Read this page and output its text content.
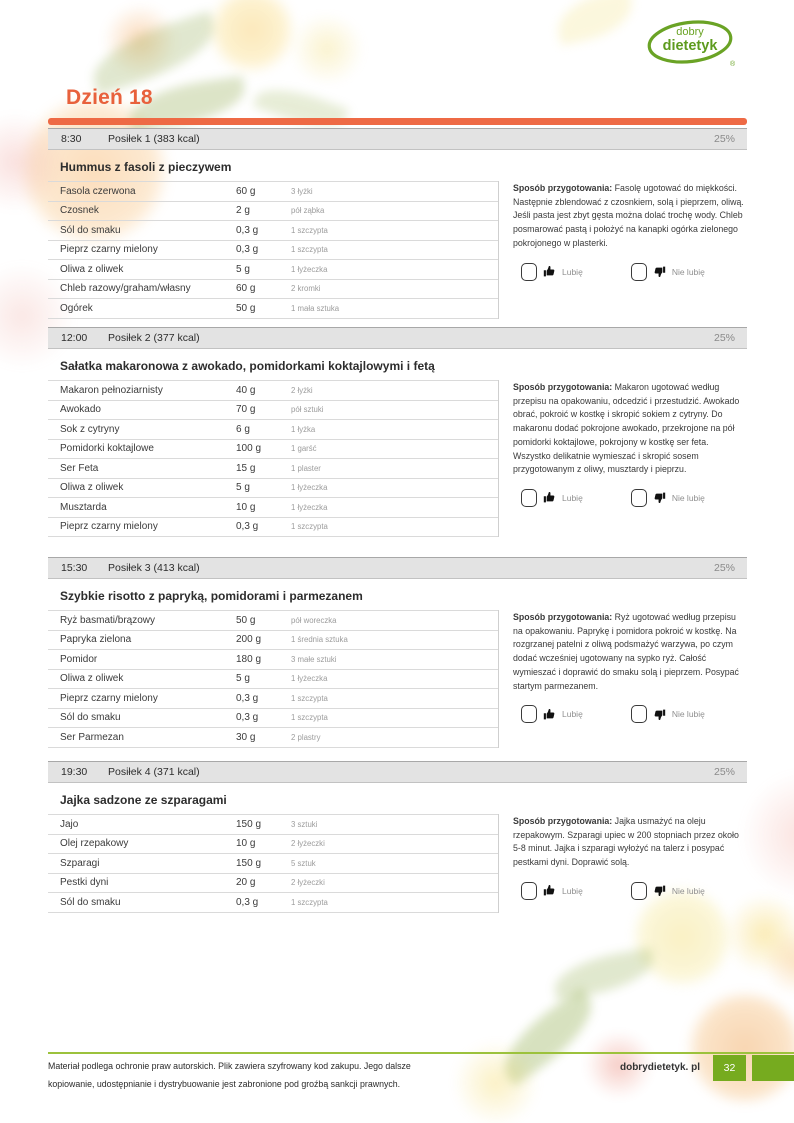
dobry
dietetyk
®
Dzień 18
8:30	Posiłek 1 (383 kcal)	25%
Hummus z fasoli z pieczywem
Fasola czerwona	60 g	3 łyżki
Czosnek	2 g	pół ząbka
Sól do smaku	0,3 g	1 szczypta
Pieprz czarny mielony	0,3 g	1 szczypta
Oliwa z oliwek	5 g	1 łyżeczka
Chleb razowy/graham/własny	60 g	2 kromki
Ogórek	50 g	1 mała sztuka

Sposób przygotowania: Fasolę ugotować do miękkości. Następnie zblendować z czosnkiem, solą i pieprzem, oliwą. Jeśli pasta jest zbyt gęsta można dolać trochę wody. Chleb posmarować pastą i położyć na kanapki ogórka zielonego pokrojonego w plasterki.

Lubię	Nie lubię
12:00	Posiłek 2 (377 kcal)	25%
Sałatka makaronowa z awokado, pomidorkami koktajlowymi i fetą
Makaron pełnoziarnisty	40 g	2 łyżki
Awokado	70 g	pół sztuki
Sok z cytryny	6 g	1 łyżka
Pomidorki koktajlowe	100 g	1 garść
Ser Feta	15 g	1 plaster
Oliwa z oliwek	5 g	1 łyżeczka
Musztarda	10 g	1 łyżeczka
Pieprz czarny mielony	0,3 g	1 szczypta

Sposób przygotowania: Makaron ugotować według przepisu na opakowaniu, odcedzić i przestudzić. Awokado obrać, pokroić w kostkę i skropić sokiem z cytryny. Do makaronu dodać pokrojone awokado, przekrojone na pół pomidorki koktajlowe, pokrojony w kostkę ser feta. Wszystko delikatnie wymieszać i skropić sosem przygotowanym z oliwy, musztardy i pieprzu.

Lubię	Nie lubię
15:30	Posiłek 3 (413 kcal)	25%
Szybkie risotto z papryką, pomidorami i parmezanem
Ryż basmati/brązowy	50 g	pół woreczka
Papryka zielona	200 g	1 średnia sztuka
Pomidor	180 g	3 małe sztuki
Oliwa z oliwek	5 g	1 łyżeczka
Pieprz czarny mielony	0,3 g	1 szczypta
Sól do smaku	0,3 g	1 szczypta
Ser Parmezan	30 g	2 plastry

Sposób przygotowania: Ryż ugotować według przepisu na opakowaniu. Paprykę i pomidora pokroić w kostkę. Na rozgrzanej patelni z oliwą podsmażyć warzywa, po czym dodać wcześniej ugotowany na sypko ryż. Całość wymieszać i doprawić do smaku solą i pieprzem. Posypać startym parmezanem.

Lubię	Nie lubię
19:30	Posiłek 4 (371 kcal)	25%
Jajka sadzone ze szparagami
Jajo	150 g	3 sztuki
Olej rzepakowy	10 g	2 łyżeczki
Szparagi	150 g	5 sztuk
Pestki dyni	20 g	2 łyżeczki
Sól do smaku	0,3 g	1 szczypta

Sposób przygotowania: Jajka usmażyć na oleju rzepakowym. Szparagi upiec w 200 stopniach przez około 5-8 minut. Jajka i szparagi wyłożyć na talerz i posypać pestkami dyni. Doprawić solą.

Lubię	Nie lubię

Materiał podlega ochronie praw autorskich. Plik zawiera szyfrowany kod zakupu. Jego dalsze
kopiowanie, udostępnianie i dystrybuowanie jest zabronione pod groźbą sankcji prawnych.

dobrydietetyk. pl 32
